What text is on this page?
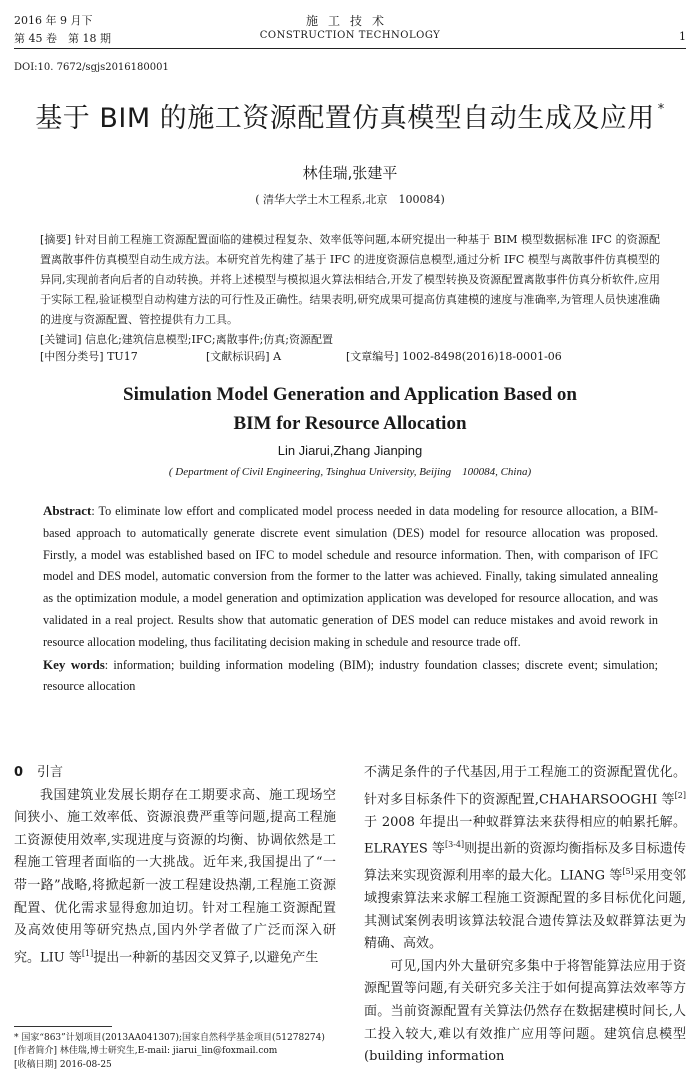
2016 年 9 月下
第 45 卷　第 18 期
施工技术
CONSTRUCTION TECHNOLOGY	1
DOI:10. 7672/sgjs2016180001
基于 BIM 的施工资源配置仿真模型自动生成及应用 *
林佳瑞,张建平
( 清华大学土木工程系,北京　100084)

[摘要] 针对目前工程施工资源配置面临的建模过程复杂、效率低等问题,本研究提出一种基于 BIM 模型数据标准 IFC 的资源配置离散事件仿真模型自动生成方法。本研究首先构建了基于 IFC 的进度资源信息模型,通过分析 IFC 模型与离散事件仿真模型的异同,实现前者向后者的自动转换。并将上述模型与模拟退火算法相结合,开发了模型转换及资源配置离散事件仿真分析软件,应用于实际工程,验证模型自动构建方法的可行性及正确性。结果表明,研究成果可提高仿真建模的速度与准确率,为管理人员快速准确的进度与资源配置、管控提供有力工具。

[关键词] 信息化;建筑信息模型;IFC;离散事件;仿真;资源配置

[中图分类号] TU17	[文献标识码] A	[文章编号] 1002-8498(2016)18-0001-06
Simulation Model Generation and Application Based on
BIM for Resource Allocation
Lin Jiarui,Zhang Jianping
( Department of Civil Engineering, Tsinghua University, Beijing　100084, China)

Abstract: To eliminate low effort and complicated model process needed in data modeling for resource allocation, a BIM-based approach to automatically generate discrete event simulation (DES) model for resource allocation was proposed. Firstly, a model was established based on IFC to model schedule and resource information. Then, with comparison of IFC model and DES model, automatic conversion from the former to the latter was achieved. Finally, taking simulated annealing as the optimization module, a model generation and optimization application was developed for resource allocation, and was validated in a real project. Results show that automatic generation of DES model can reduce mistakes and avoid rework in resource allocation modeling, thus facilitating decision making in schedule and resource trade off.

Key words: information; building information modeling (BIM); industry foundation classes; discrete event; simulation; resource allocation

0 引言

我国建筑业发展长期存在工期要求高、施工现场空间狭小、施工效率低、资源浪费严重等问题,提高工程施工资源使用效率,实现进度与资源的均衡、协调依然是工程施工管理者面临的一大挑战。近年来,我国提出了“一带一路”战略,将掀起新一波工程建设热潮,工程施工资源配置、优化需求显得愈加迫切。针对工程施工资源配置及高效使用等研究热点,国内外学者做了广泛而深入研究。LIU 等[1]提出一种新的基因交叉算子,以避免产生

不满足条件的子代基因,用于工程施工的资源配置优化。针对多目标条件下的资源配置,CHAHARSOOGHI 等[2]于 2008 年提出一种蚁群算法来获得相应的帕累托解。ELRAYES 等[3-4]则提出新的资源均衡指标及多目标遗传算法来实现资源利用率的最大化。LIANG 等[5]采用变邻域搜索算法来求解工程施工资源配置的多目标优化问题,其测试案例表明该算法较混合遗传算法及蚁群算法更为精确、高效。

可见,国内外大量研究多集中于将智能算法应用于资源配置等问题,有关研究多关注于如何提高算法效率等方面。当前资源配置有关算法仍然存在数据建模时间长,人工投入较大,难以有效推广应用等问题。建筑信息模型(building information

* 国家“863”计划项目(2013AA041307);国家自然科学基金项目(51278274)

[作者简介] 林佳瑞,博士研究生,E-mail: jiarui_lin@foxmail.com

[收稿日期] 2016-08-25
